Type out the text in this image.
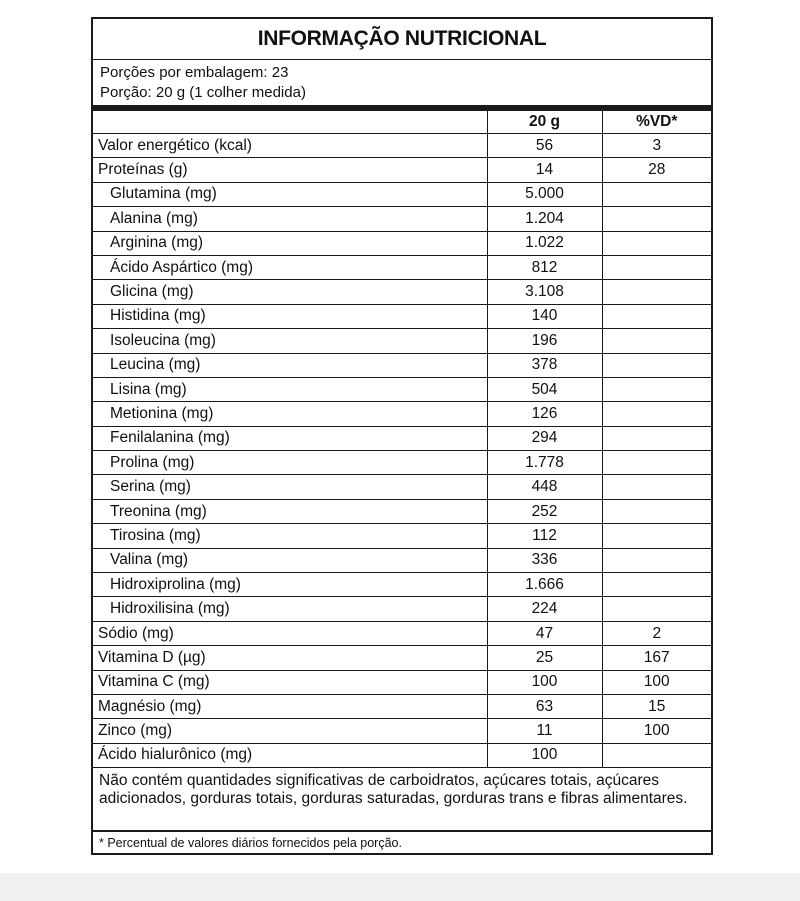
INFORMAÇÃO NUTRICIONAL
Porções por embalagem: 23
Porção: 20 g (1 colher medida)
	20 g	%VD*
Valor energético (kcal)	56	3
Proteínas (g)	14	28
Glutamina (mg)	5.000	
Alanina (mg)	1.204	
Arginina (mg)	1.022	
Ácido Aspártico (mg)	812	
Glicina (mg)	3.108	
Histidina (mg)	140	
Isoleucina (mg)	196	
Leucina (mg)	378	
Lisina (mg)	504	
Metionina (mg)	126	
Fenilalanina (mg)	294	
Prolina (mg)	1.778	
Serina (mg)	448	
Treonina (mg)	252	
Tirosina (mg)	112	
Valina (mg)	336	
Hidroxiprolina (mg)	1.666	
Hidroxilisina (mg)	224	
Sódio (mg)	47	2
Vitamina D (µg)	25	167
Vitamina C (mg)	100	100
Magnésio (mg)	63	15
Zinco (mg)	11	100
Ácido hialurônico (mg)	100	
Não contém quantidades significativas de carboidratos, açúcares totais, açúcares adicionados, gorduras totais, gorduras saturadas, gorduras trans e fibras alimentares.
* Percentual de valores diários fornecidos pela porção.
